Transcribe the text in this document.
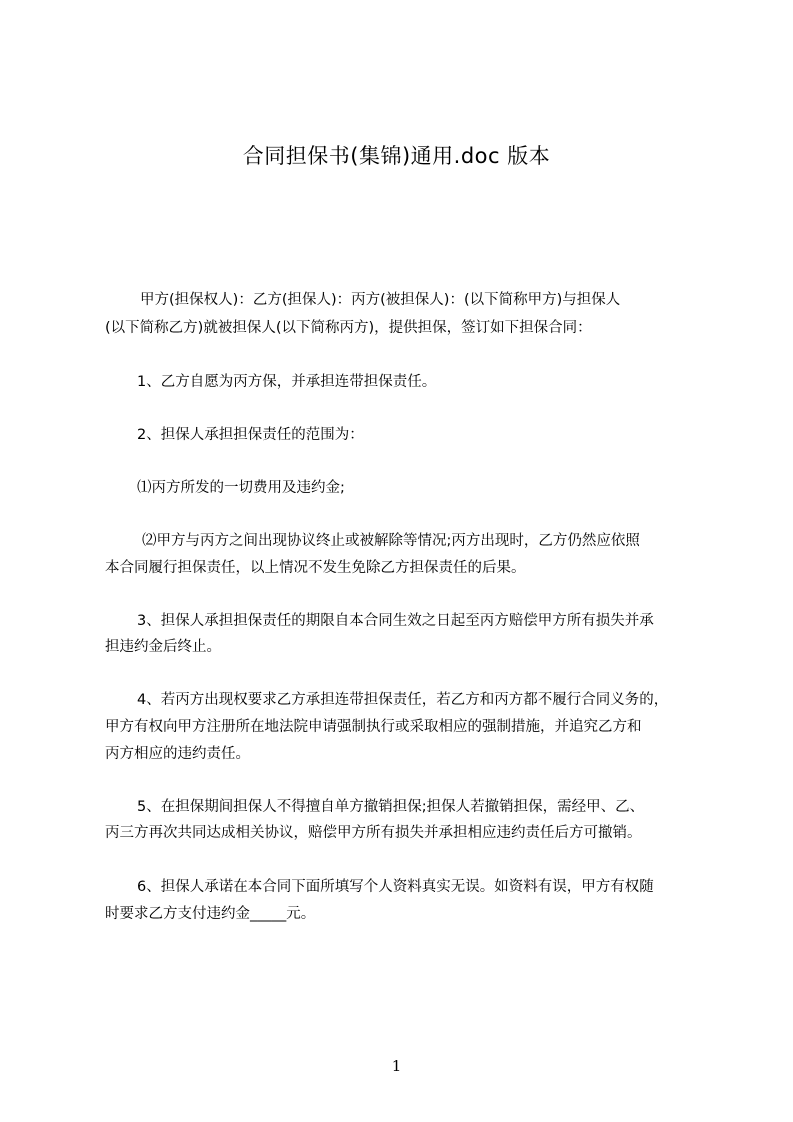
合同担保书(集锦)通用.doc 版本
甲方(担保权人)：乙方(担保人)：丙方(被担保人)：(以下简称甲方)与担保人
(以下简称乙方)就被担保人(以下简称丙方)，提供担保，签订如下担保合同：
1、乙方自愿为丙方保，并承担连带担保责任。
2、担保人承担担保责任的范围为：
⑴丙方所发的一切费用及违约金;
⑵甲方与丙方之间出现协议终止或被解除等情况;丙方出现时，乙方仍然应依照
本合同履行担保责任，以上情况不发生免除乙方担保责任的后果。
3、担保人承担担保责任的期限自本合同生效之日起至丙方赔偿甲方所有损失并承
担违约金后终止。
4、若丙方出现权要求乙方承担连带担保责任，若乙方和丙方都不履行合同义务的，
甲方有权向甲方注册所在地法院申请强制执行或采取相应的强制措施，并追究乙方和
丙方相应的违约责任。
5、在担保期间担保人不得擅自单方撤销担保;担保人若撤销担保，需经甲、乙、
丙三方再次共同达成相关协议，赔偿甲方所有损失并承担相应违约责任后方可撤销。
6、担保人承诺在本合同下面所填写个人资料真实无误。如资料有误，甲方有权随
时要求乙方支付违约金_____元。
1
